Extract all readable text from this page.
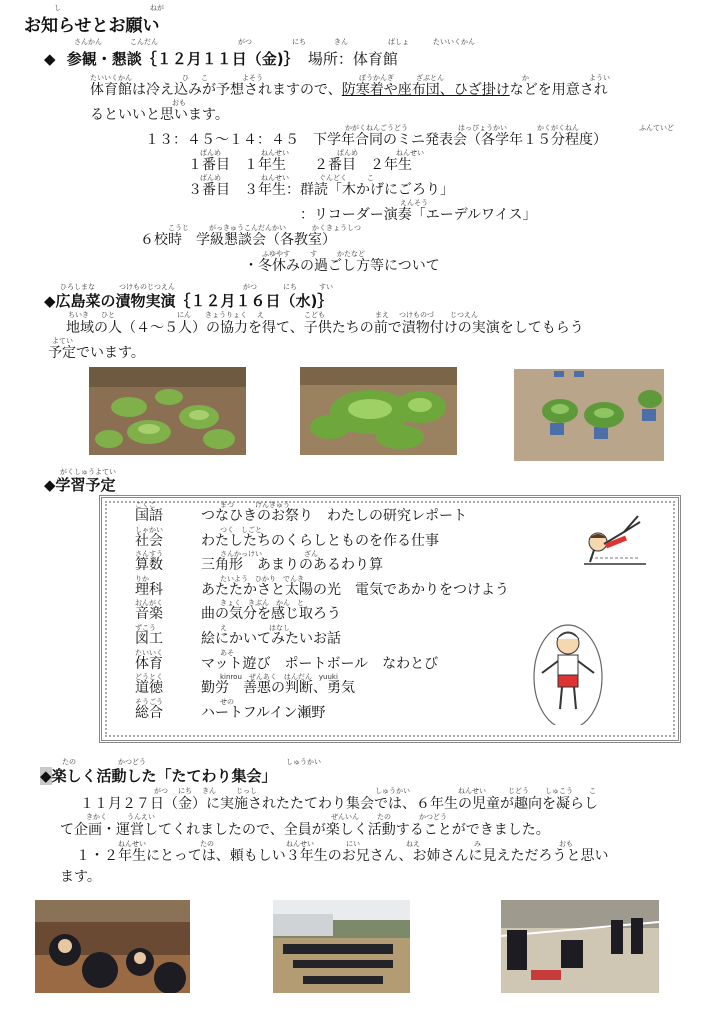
し	ねが
お知らせとお願い
さんかん	こんだん	がつ	にち	きん	ばしょ	たいいくかん
◆ 参観・懇談｛１２月１１日（金)｝ 場所：体育館
たいいくかん	ひ こ	よそう	ぼうかんぎ	ざぶとん	か	ようい
体育館は冷え込みが予想されますので、防寒着や座布団、ひざ掛けなどを用意され
おも
るといいと思います。
かがくねんごうどう	はっぴょうかい	かくがくねん	ふんていど
１３：４５～１４：４５　下学年合同のミニ発表会（各学年１５分程度）
ばんめ	ねんせい	ばんめ	ねんせい
１番目　１年生　　２番目　２年生
ばんめ	ねんせい	ぐんどく	こ
３番目　３年生：群読「木かげにごろり」
えんそう
：リコーダー演奏「エーデルワイス」
こうじ	がっきゅうこんだんかい	かくきょうしつ
６校時　学級懇談会（各教室）
ふゆやす	す	かたなど
・冬休みの過ごし方等について
ひろしまな	つけものじつえん	がつ	にち	すい
◆広島菜の漬物実演｛１２月１６日（水)｝
ちいき ひと	にん きょうりょく え	こども	まえ つけものづ じつえん
地域の人（４～５人）の協力を得て、子供たちの前で漬物付けの実演をしてもらう
よてい
予定でいます。
がくしゅうよてい
◆学習予定
こくご	まつ　　　けんきゅう
国語	つなひきのお祭り　わたしの研究レポート
しゃかい	つく　しごと
社会	わたしたちのくらしとものを作る仕事
さんすう	さんかっけい　　　　　　ざん
算数	三角形　あまりのあるわり算
りか	たいよう　ひかり　でんき
理科	あたたかさと太陽の光　電気であかりをつけよう
おんがく	きょく　きぶん　かん　と
音楽	曲の気分を感じ取ろう
ずこう	え　　　　　　はなし
図工	絵にかいてみたいお話
たいいく	あそ
体育	マット遊び　ポートボール　なわとび
どうとく	kinrou　ぜんあく　はんだん　yuuki
道徳	勤労　善悪の判断、勇気
そうごう	せの
総合	ハートフルイン瀬野
たの	かつどう	しゅうかい
◆楽しく活動した「たてわり集会」
がつ にち きん	じっし	しゅうかい	ねんせい	じどう しゅこう こ
１１月２７日（金）に実施されたたてわり集会では、６年生の児童が趣向を凝らし
きかく	うんえい	ぜんいん	たの	かつどう
て企画・運営してくれましたので、全員が楽しく活動することができました。
ねんせい	たの	ねんせい	にい	ねえ	み	おも
１・２年生にとっては、頼もしい３年生のお兄さん、お姉さんに見えただろうと思い
ます。
